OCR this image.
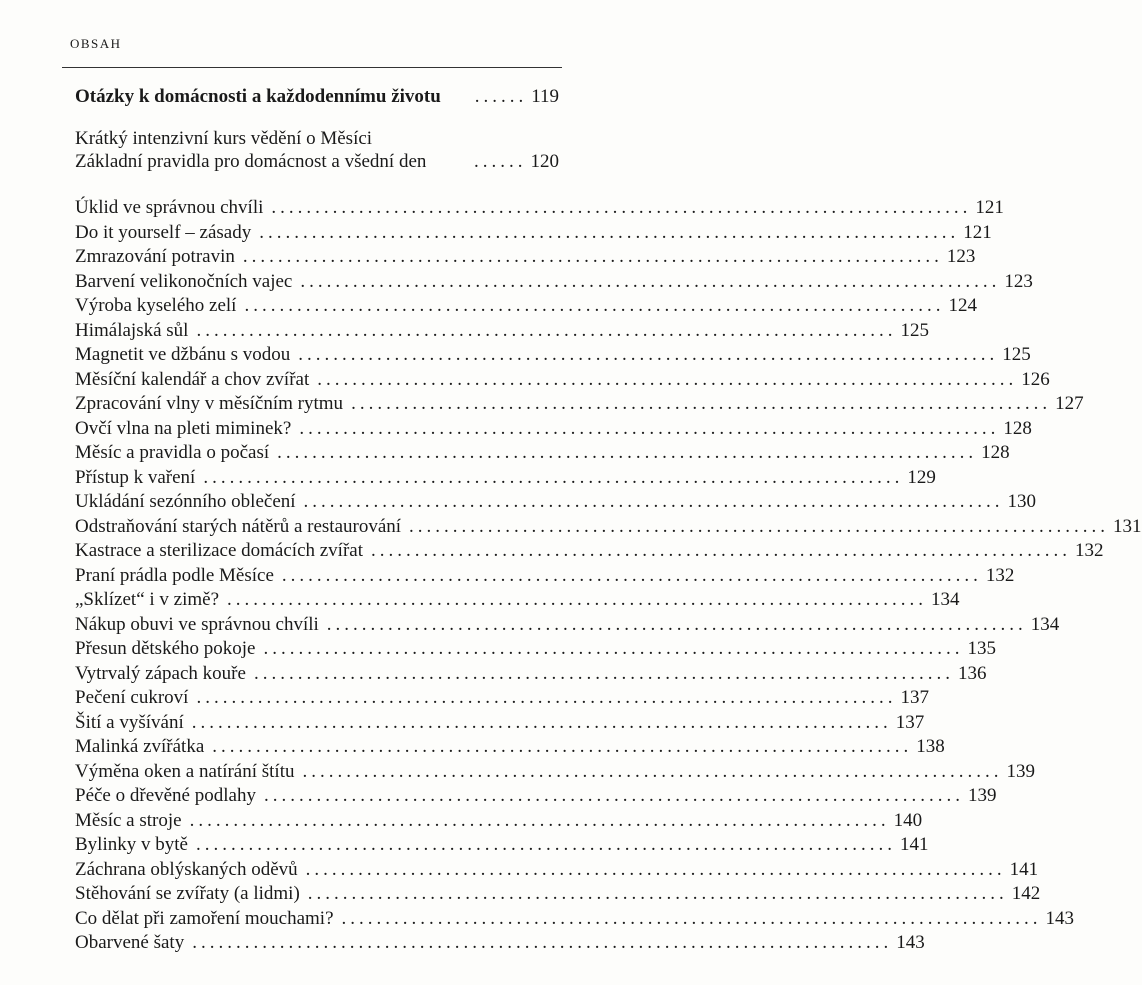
OBSAH
Otázky k domácnosti a každodennímu životu	...... 119
Krátký intenzivní kurs vědění o Měsíci
Základní pravidla pro domácnost a všední den	...... 120
Úklid ve správnou chvíli ................................................................................ 121
Do it yourself – zásady ................................................................................ 121
Zmrazování potravin ................................................................................ 123
Barvení velikonočních vajec ................................................................................ 123
Výroba kyselého zelí ................................................................................ 124
Himálajská sůl ................................................................................ 125
Magnetit ve džbánu s vodou ................................................................................ 125
Měsíční kalendář a chov zvířat ................................................................................ 126
Zpracování vlny v měsíčním rytmu ................................................................................ 127
Ovčí vlna na pleti miminek? ................................................................................ 128
Měsíc a pravidla o počasí ................................................................................ 128
Přístup k vaření ................................................................................ 129
Ukládání sezónního oblečení ................................................................................ 130
Odstraňování starých nátěrů a restaurování ................................................................................ 131
Kastrace a sterilizace domácích zvířat ................................................................................ 132
Praní prádla podle Měsíce ................................................................................ 132
„Sklízet“ i v zimě? ................................................................................ 134
Nákup obuvi ve správnou chvíli ................................................................................ 134
Přesun dětského pokoje ................................................................................ 135
Vytrvalý zápach kouře ................................................................................ 136
Pečení cukroví ................................................................................ 137
Šití a vyšívání ................................................................................ 137
Malinká zvířátka ................................................................................ 138
Výměna oken a natírání štítu ................................................................................ 139
Péče o dřevěné podlahy ................................................................................ 139
Měsíc a stroje ................................................................................ 140
Bylinky v bytě ................................................................................ 141
Záchrana oblýskaných oděvů ................................................................................ 141
Stěhování se zvířaty (a lidmi) ................................................................................ 142
Co dělat při zamoření mouchami? ................................................................................ 143
Obarvené šaty ................................................................................ 143
